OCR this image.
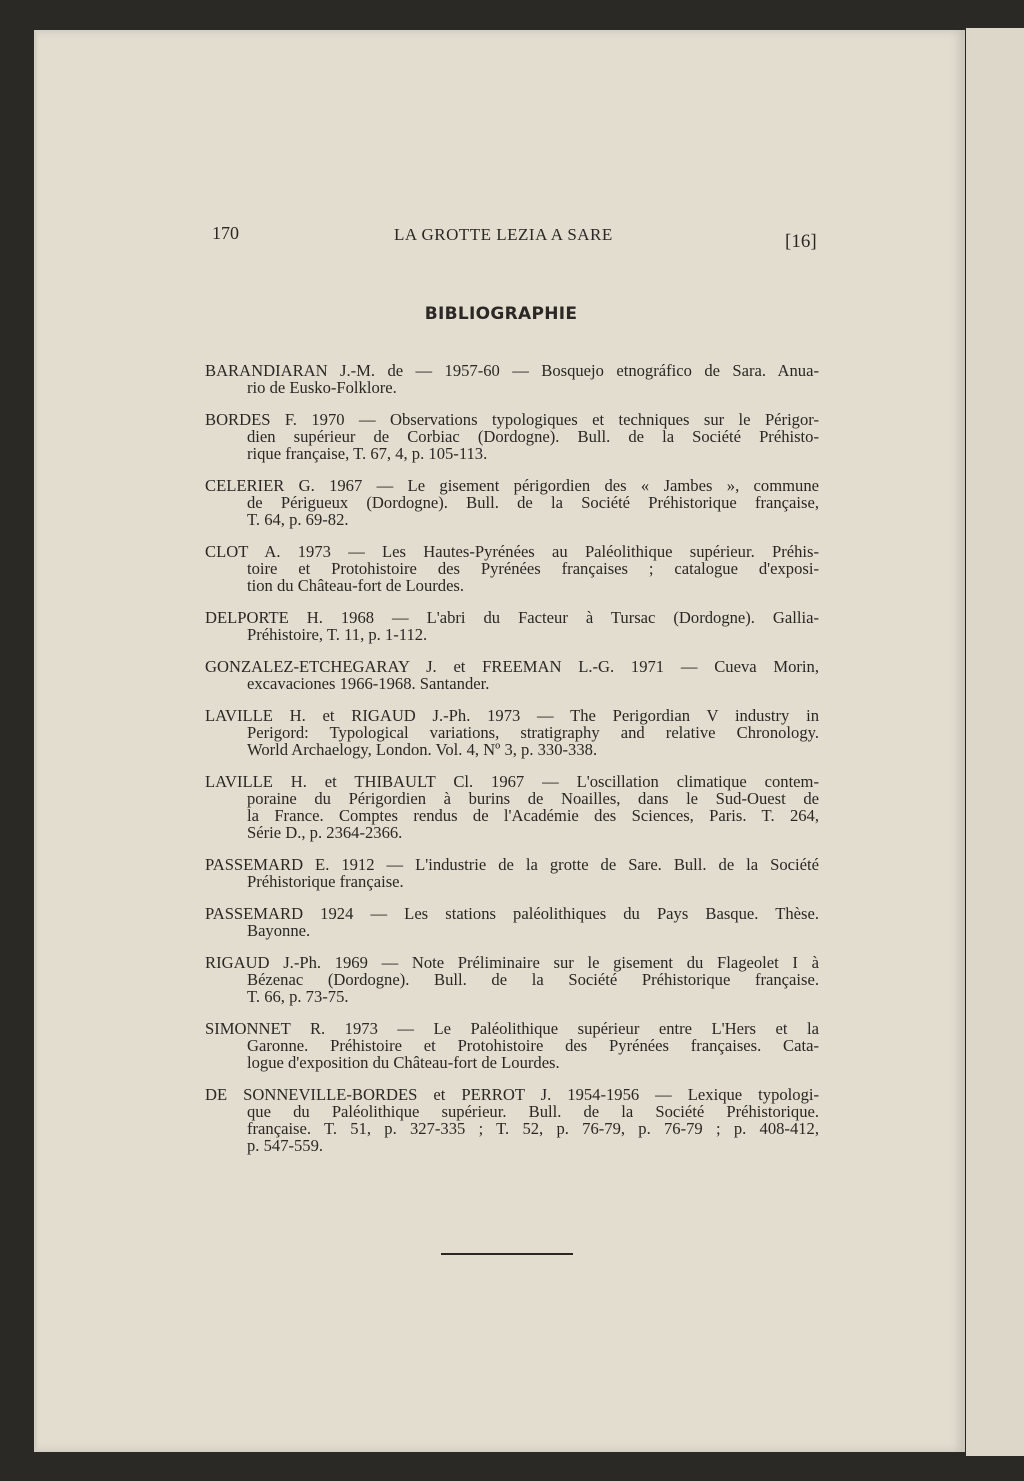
170	LA GROTTE LEZIA A SARE	[16]
BIBLIOGRAPHIE
BARANDIARAN J.-M. de — 1957-60 — Bosquejo etnográfico de Sara. Anua-
rio de Eusko-Folklore.
BORDES F. 1970 — Observations typologiques et techniques sur le Périgor-
dien supérieur de Corbiac (Dordogne). Bull. de la Société Préhisto-
rique française, T. 67, 4, p. 105-113.
CELERIER G. 1967 — Le gisement périgordien des « Jambes », commune
de Périgueux (Dordogne). Bull. de la Société Préhistorique française,
T. 64, p. 69-82.
CLOT A. 1973 — Les Hautes-Pyrénées au Paléolithique supérieur. Préhis-
toire et Protohistoire des Pyrénées françaises ; catalogue d'exposi-
tion du Château-fort de Lourdes.
DELPORTE H. 1968 — L'abri du Facteur à Tursac (Dordogne). Gallia-
Préhistoire, T. 11, p. 1-112.
GONZALEZ-ETCHEGARAY J. et FREEMAN L.-G. 1971 — Cueva Morin,
excavaciones 1966-1968. Santander.
LAVILLE H. et RIGAUD J.-Ph. 1973 — The Perigordian V industry in
Perigord: Typological variations, stratigraphy and relative Chronology.
World Archaelogy, London. Vol. 4, Nº 3, p. 330-338.
LAVILLE H. et THIBAULT Cl. 1967 — L'oscillation climatique contem-
poraine du Périgordien à burins de Noailles, dans le Sud-Ouest de
la France. Comptes rendus de l'Académie des Sciences, Paris. T. 264,
Série D., p. 2364-2366.
PASSEMARD E. 1912 — L'industrie de la grotte de Sare. Bull. de la Société
Préhistorique française.
PASSEMARD 1924 — Les stations paléolithiques du Pays Basque. Thèse.
Bayonne.
RIGAUD J.-Ph. 1969 — Note Préliminaire sur le gisement du Flageolet I à
Bézenac (Dordogne). Bull. de la Société Préhistorique française.
T. 66, p. 73-75.
SIMONNET R. 1973 — Le Paléolithique supérieur entre L'Hers et la
Garonne. Préhistoire et Protohistoire des Pyrénées françaises. Cata-
logue d'exposition du Château-fort de Lourdes.
DE SONNEVILLE-BORDES et PERROT J. 1954-1956 — Lexique typologi-
que du Paléolithique supérieur. Bull. de la Société Préhistorique.
française. T. 51, p. 327-335 ; T. 52, p. 76-79, p. 76-79 ; p. 408-412,
p. 547-559.
